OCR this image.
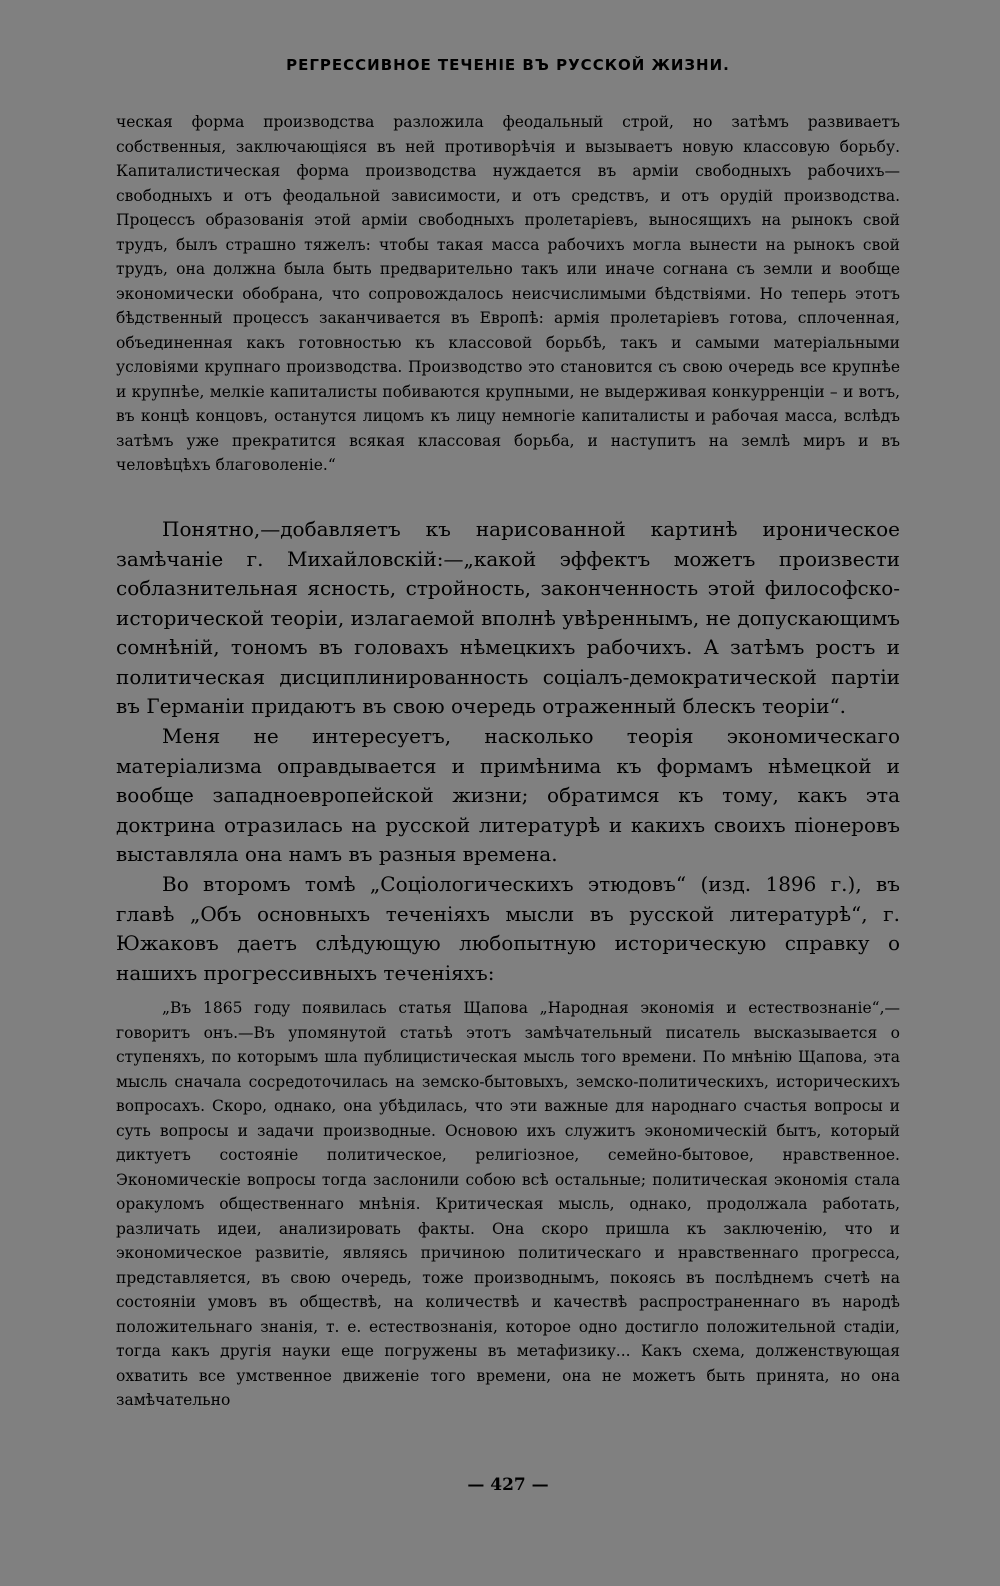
РЕГРЕССИВНОЕ ТЕЧЕНІЕ ВЪ РУССКОЙ ЖИЗНИ.

ческая форма производства разложила феодальный строй, но затѣмъ развиваетъ собственныя, заключающіяся въ ней противорѣчія и вызываетъ новую классовую борьбу. Капиталистическая форма производства нуждается въ арміи свободныхъ рабочихъ— свободныхъ и отъ феодальной зависимости, и отъ средствъ, и отъ орудій производства. Процессъ образованія этой арміи свободныхъ пролетаріевъ, выносящихъ на рынокъ свой трудъ, былъ страшно тяжелъ: чтобы такая масса рабочихъ могла вынести на рынокъ свой трудъ, она должна была быть предварительно такъ или иначе согнана съ земли и вообще экономически обобрана, что сопровождалось неисчислимыми бѣдствіями. Но теперь этотъ бѣдственный процессъ заканчивается въ Европѣ: армія пролетаріевъ готова, сплоченная, объединенная какъ готовностью къ классовой борьбѣ, такъ и самыми матеріальными условіями крупнаго производства. Производство это становится съ свою очередь все крупнѣе и крупнѣе, мелкіе капиталисты побиваются крупными, не выдерживая конкурренціи – и вотъ, въ концѣ концовъ, останутся лицомъ къ лицу немногіе капиталисты и рабочая масса, вслѣдъ затѣмъ уже прекратится всякая классовая борьба, и наступитъ на землѣ миръ и въ человѣцѣхъ благоволеніе.“

Понятно,—добавляетъ къ нарисованной картинѣ ироническое замѣчаніе г. Михайловскій:—„какой эффектъ можетъ произвести соблазнительная ясность, стройность, законченность этой философско-исторической теоріи, излагаемой вполнѣ увѣреннымъ, не допускающимъ сомнѣній, тономъ въ головахъ нѣмецкихъ рабочихъ. А затѣмъ ростъ и политическая дисциплинированность соціалъ-демократической партіи въ Германіи придаютъ въ свою очередь отраженный блескъ теоріи“.

Меня не интересуетъ, насколько теорія экономическаго матеріализма оправдывается и примѣнима къ формамъ нѣмецкой и вообще западноевропейской жизни; обратимся къ тому, какъ эта доктрина отразилась на русской литературѣ и какихъ своихъ піонеровъ выставляла она намъ въ разныя времена.

Во второмъ томѣ „Соціологическихъ этюдовъ“ (изд. 1896 г.), въ главѣ „Объ основныхъ теченіяхъ мысли въ русской литературѣ“, г. Южаковъ даетъ слѣдующую любопытную историческую справку о нашихъ прогрессивныхъ теченіяхъ:

„Въ 1865 году появилась статья Щапова „Народная экономія и естествознаніе“,—говоритъ онъ.—Въ упомянутой статьѣ этотъ замѣчательный писатель высказывается о ступеняхъ, по которымъ шла публицистическая мысль того времени. По мнѣнію Щапова, эта мысль сначала сосредоточилась на земско-бытовыхъ, земско-политическихъ, историческихъ вопросахъ. Скоро, однако, она убѣдилась, что эти важные для народнаго счастья вопросы и суть вопросы и задачи производные. Основою ихъ служитъ экономическій бытъ, который диктуетъ состояніе политическое, религіозное, семейно-бытовое, нравственное. Экономическіе вопросы тогда заслонили собою всѣ остальные; политическая экономія стала оракуломъ общественнаго мнѣнія. Критическая мысль, однако, продолжала работать, различать идеи, анализировать факты. Она скоро пришла къ заключенію, что и экономическое развитіе, являясь причиною политическаго и нравственнаго прогресса, представляется, въ свою очередь, тоже производнымъ, покоясь въ послѣднемъ счетѣ на состояніи умовъ въ обществѣ, на количествѣ и качествѣ распространеннаго въ народѣ положительнаго знанія, т. е. естествознанія, которое одно достигло положительной стадіи, тогда какъ другія науки еще погружены въ метафизику... Какъ схема, долженствующая охватить все умственное движеніе того времени, она не можетъ быть принята, но она замѣчательно

— 427 —
